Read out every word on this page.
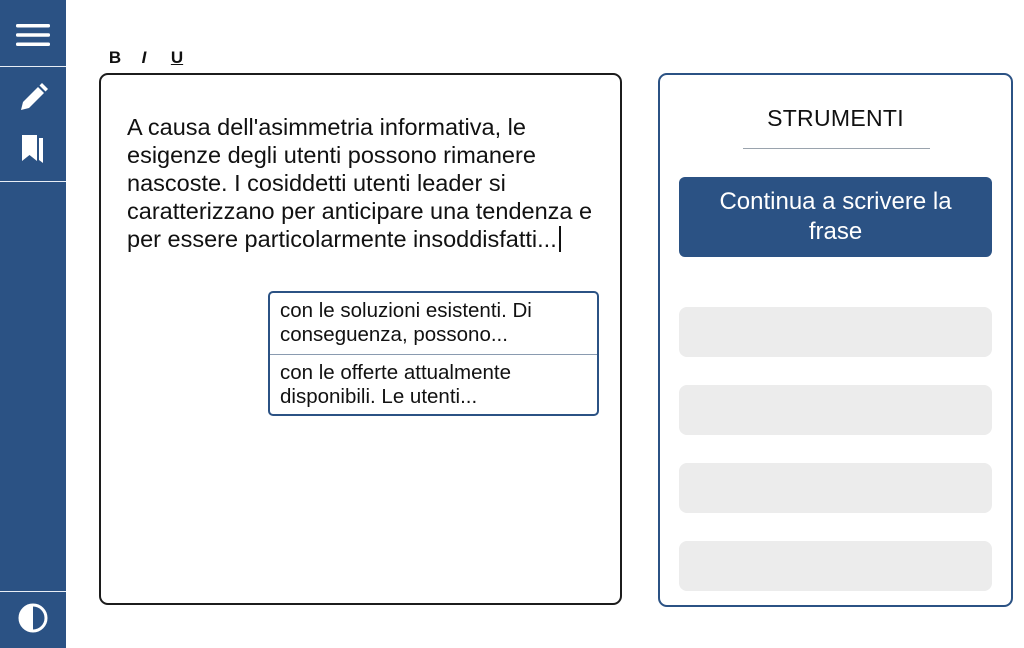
B	I	U
A causa dell'asimmetria informativa, le esigenze degli utenti possono rimanere nascoste. I cosiddetti utenti leader si caratterizzano per anticipare una tendenza e per essere particolarmente insoddisfatti...
con le soluzioni esistenti. Di conseguenza, possono...
con le offerte attualmente disponibili. Le utenti...
STRUMENTI
Continua a scrivere la frase
